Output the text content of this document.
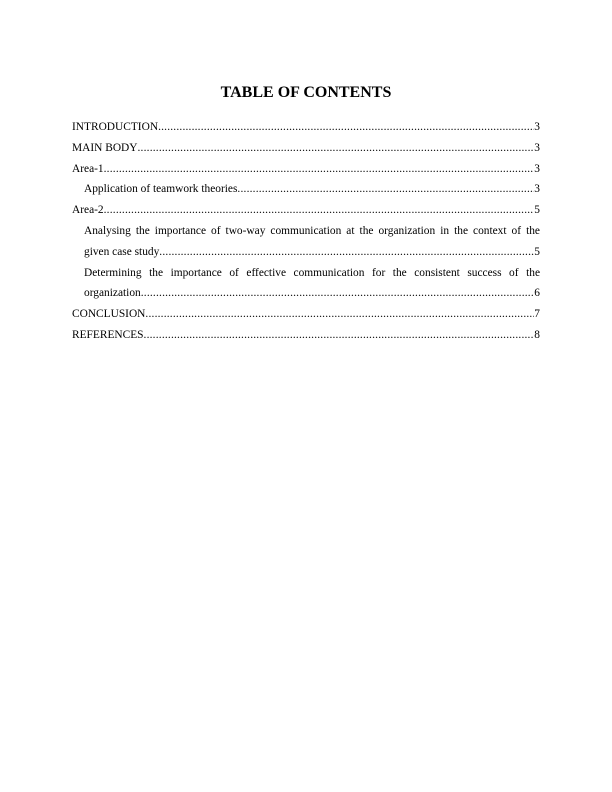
TABLE OF CONTENTS
INTRODUCTION .....	3
MAIN BODY .....	3
Area-1 .....	3
Application of teamwork theories .....	3
Area-2 .....	5
Analysing the importance of two-way communication at the organization in the context of the
given case study .....	5
Determining the importance of effective communication for the consistent success of the
organization .....	6
CONCLUSION .....	7
REFERENCES .....	8
